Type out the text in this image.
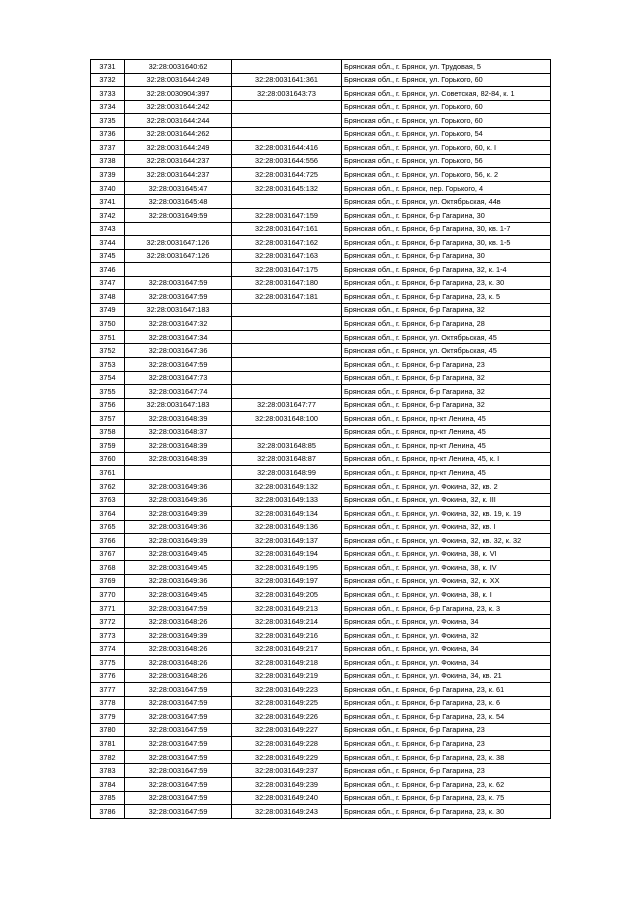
3731	32:28:0031640:62		Брянская обл., г. Брянск, ул. Трудовая, 5
3732	32:28:0031644:249	32:28:0031641:361	Брянская обл., г. Брянск, ул. Горького, 60
3733	32:28:0030904:397	32:28:0031643:73	Брянская обл., г. Брянск, ул. Советская, 82-84, к. 1
3734	32:28:0031644:242		Брянская обл., г. Брянск, ул. Горького, 60
3735	32:28:0031644:244		Брянская обл., г. Брянск, ул. Горького, 60
3736	32:28:0031644:262		Брянская обл., г. Брянск, ул. Горького, 54
3737	32:28:0031644:249	32:28:0031644:416	Брянская обл., г. Брянск, ул. Горького, 60, к. I
3738	32:28:0031644:237	32:28:0031644:556	Брянская обл., г. Брянск, ул. Горького, 56
3739	32:28:0031644:237	32:28:0031644:725	Брянская обл., г. Брянск, ул. Горького, 56, к. 2
3740	32:28:0031645:47	32:28:0031645:132	Брянская обл., г. Брянск, пер. Горького, 4
3741	32:28:0031645:48		Брянская обл., г. Брянск, ул. Октябрьская, 44в
3742	32:28:0031649:59	32:28:0031647:159	Брянская обл., г. Брянск, б-р Гагарина, 30
3743		32:28:0031647:161	Брянская обл., г. Брянск, б-р Гагарина, 30, кв. 1-7
3744	32:28:0031647:126	32:28:0031647:162	Брянская обл., г. Брянск, б-р Гагарина, 30, кв. 1-5
3745	32:28:0031647:126	32:28:0031647:163	Брянская обл., г. Брянск, б-р Гагарина, 30
3746		32:28:0031647:175	Брянская обл., г. Брянск, б-р Гагарина, 32, к. 1-4
3747	32:28:0031647:59	32:28:0031647:180	Брянская обл., г. Брянск, б-р Гагарина, 23, к. 30
3748	32:28:0031647:59	32:28:0031647:181	Брянская обл., г. Брянск, б-р Гагарина, 23, к. 5
3749	32:28:0031647:183		Брянская обл., г. Брянск, б-р Гагарина, 32
3750	32:28:0031647:32		Брянская обл., г. Брянск, б-р Гагарина, 28
3751	32:28:0031647:34		Брянская обл., г. Брянск, ул. Октябрьская, 45
3752	32:28:0031647:36		Брянская обл., г. Брянск, ул. Октябрьская, 45
3753	32:28:0031647:59		Брянская обл., г. Брянск, б-р Гагарина, 23
3754	32:28:0031647:73		Брянская обл., г. Брянск, б-р Гагарина, 32
3755	32:28:0031647:74		Брянская обл., г. Брянск, б-р Гагарина, 32
3756	32:28:0031647:183	32:28:0031647:77	Брянская обл., г. Брянск, б-р Гагарина, 32
3757	32:28:0031648:39	32:28:0031648:100	Брянская обл., г. Брянск, пр-кт Ленина, 45
3758	32:28:0031648:37		Брянская обл., г. Брянск, пр-кт Ленина, 45
3759	32:28:0031648:39	32:28:0031648:85	Брянская обл., г. Брянск, пр-кт Ленина, 45
3760	32:28:0031648:39	32:28:0031648:87	Брянская обл., г. Брянск, пр-кт Ленина, 45, к. I
3761		32:28:0031648:99	Брянская обл., г. Брянск, пр-кт Ленина, 45
3762	32:28:0031649:36	32:28:0031649:132	Брянская обл., г. Брянск, ул. Фокина, 32, кв. 2
3763	32:28:0031649:36	32:28:0031649:133	Брянская обл., г. Брянск, ул. Фокина, 32, к. III
3764	32:28:0031649:39	32:28:0031649:134	Брянская обл., г. Брянск, ул. Фокина, 32, кв. 19, к. 19
3765	32:28:0031649:36	32:28:0031649:136	Брянская обл., г. Брянск, ул. Фокина, 32, кв. I
3766	32:28:0031649:39	32:28:0031649:137	Брянская обл., г. Брянск, ул. Фокина, 32, кв. 32, к. 32
3767	32:28:0031649:45	32:28:0031649:194	Брянская обл., г. Брянск, ул. Фокина, 38, к. VI
3768	32:28:0031649:45	32:28:0031649:195	Брянская обл., г. Брянск, ул. Фокина, 38, к. IV
3769	32:28:0031649:36	32:28:0031649:197	Брянская обл., г. Брянск, ул. Фокина, 32, к. XX
3770	32:28:0031649:45	32:28:0031649:205	Брянская обл., г. Брянск, ул. Фокина, 38, к. I
3771	32:28:0031647:59	32:28:0031649:213	Брянская обл., г. Брянск, б-р Гагарина, 23, к. 3
3772	32:28:0031648:26	32:28:0031649:214	Брянская обл., г. Брянск, ул. Фокина, 34
3773	32:28:0031649:39	32:28:0031649:216	Брянская обл., г. Брянск, ул. Фокина, 32
3774	32:28:0031648:26	32:28:0031649:217	Брянская обл., г. Брянск, ул. Фокина, 34
3775	32:28:0031648:26	32:28:0031649:218	Брянская обл., г. Брянск, ул. Фокина, 34
3776	32:28:0031648:26	32:28:0031649:219	Брянская обл., г. Брянск, ул. Фокина, 34, кв. 21
3777	32:28:0031647:59	32:28:0031649:223	Брянская обл., г. Брянск, б-р Гагарина, 23, к. 61
3778	32:28:0031647:59	32:28:0031649:225	Брянская обл., г. Брянск, б-р Гагарина, 23, к. 6
3779	32:28:0031647:59	32:28:0031649:226	Брянская обл., г. Брянск, б-р Гагарина, 23, к. 54
3780	32:28:0031647:59	32:28:0031649:227	Брянская обл., г. Брянск, б-р Гагарина, 23
3781	32:28:0031647:59	32:28:0031649:228	Брянская обл., г. Брянск, б-р Гагарина, 23
3782	32:28:0031647:59	32:28:0031649:229	Брянская обл., г. Брянск, б-р Гагарина, 23, к. 38
3783	32:28:0031647:59	32:28:0031649:237	Брянская обл., г. Брянск, б-р Гагарина, 23
3784	32:28:0031647:59	32:28:0031649:239	Брянская обл., г. Брянск, б-р Гагарина, 23, к. 62
3785	32:28:0031647:59	32:28:0031649:240	Брянская обл., г. Брянск, б-р Гагарина, 23, к. 75
3786	32:28:0031647:59	32:28:0031649:243	Брянская обл., г. Брянск, б-р Гагарина, 23, к. 30
